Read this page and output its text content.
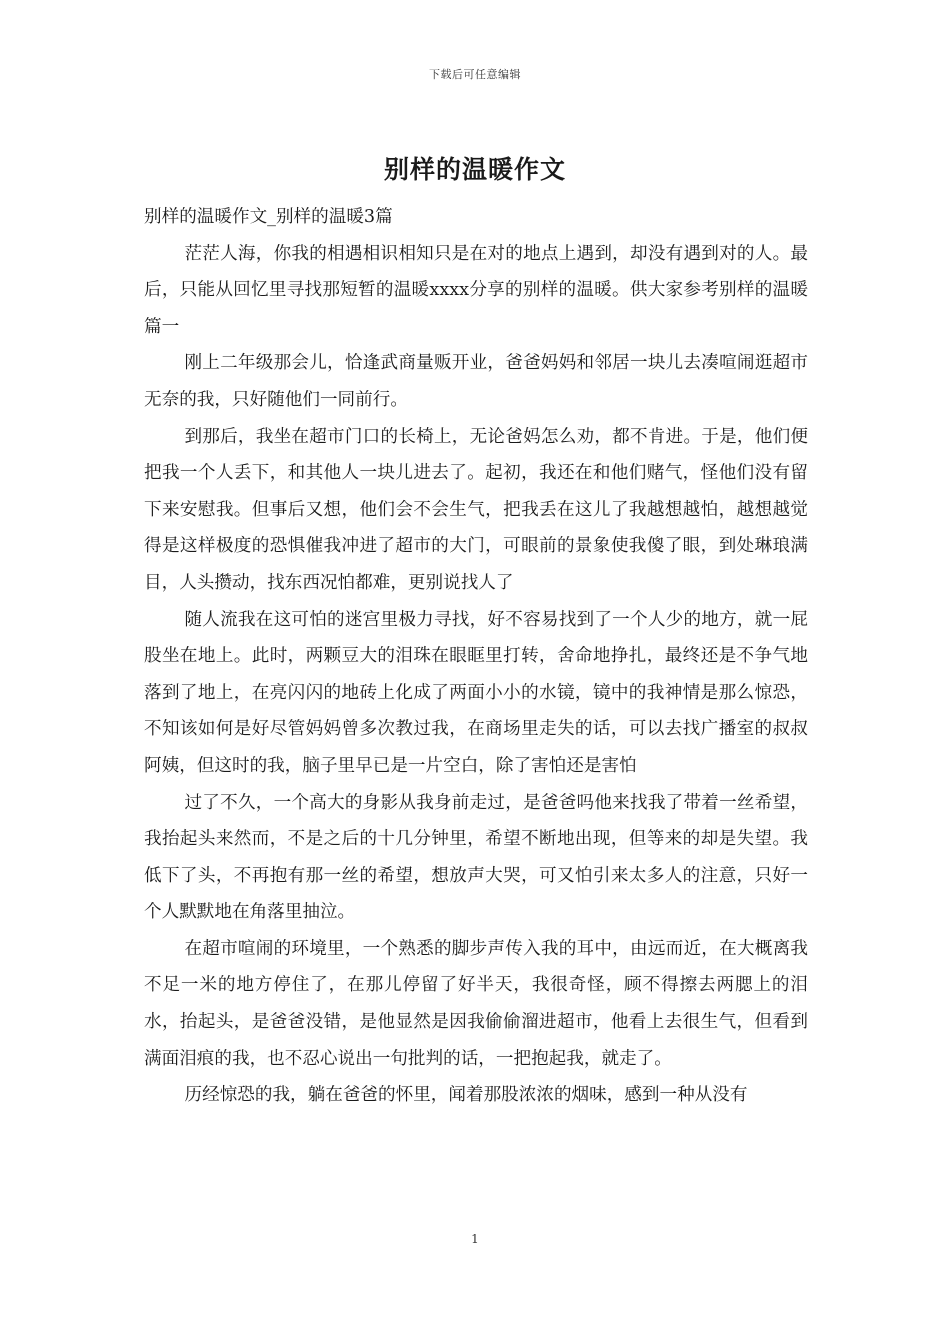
下载后可任意编辑
别样的温暖作文

别样的温暖作文_别样的温暖3篇

茫茫人海，你我的相遇相识相知只是在对的地点上遇到，却没有遇到对的人。最后，只能从回忆里寻找那短暂的温暖xxxx分享的别样的温暖。供大家参考别样的温暖篇一

刚上二年级那会儿，恰逢武商量贩开业，爸爸妈妈和邻居一块儿去凑喧闹逛超市无奈的我，只好随他们一同前行。

到那后，我坐在超市门口的长椅上，无论爸妈怎么劝，都不肯进。于是，他们便把我一个人丢下，和其他人一块儿进去了。起初，我还在和他们赌气，怪他们没有留下来安慰我。但事后又想，他们会不会生气，把我丢在这儿了我越想越怕，越想越觉得是这样极度的恐惧催我冲进了超市的大门，可眼前的景象使我傻了眼，到处琳琅满目，人头攒动，找东西况怕都难，更别说找人了

随人流我在这可怕的迷宫里极力寻找，好不容易找到了一个人少的地方，就一屁股坐在地上。此时，两颗豆大的泪珠在眼眶里打转，舍命地挣扎，最终还是不争气地落到了地上，在亮闪闪的地砖上化成了两面小小的水镜，镜中的我神情是那么惊恐，不知该如何是好尽管妈妈曾多次教过我，在商场里走失的话，可以去找广播室的叔叔阿姨，但这时的我，脑子里早已是一片空白，除了害怕还是害怕

过了不久，一个高大的身影从我身前走过，是爸爸吗他来找我了带着一丝希望，我抬起头来然而，不是之后的十几分钟里，希望不断地出现，但等来的却是失望。我低下了头，不再抱有那一丝的希望，想放声大哭，可又怕引来太多人的注意，只好一个人默默地在角落里抽泣。

在超市喧闹的环境里，一个熟悉的脚步声传入我的耳中，由远而近，在大概离我不足一米的地方停住了，在那儿停留了好半天，我很奇怪，顾不得擦去两腮上的泪水，抬起头，是爸爸没错，是他显然是因我偷偷溜进超市，他看上去很生气，但看到满面泪痕的我，也不忍心说出一句批判的话，一把抱起我，就走了。

历经惊恐的我，躺在爸爸的怀里，闻着那股浓浓的烟味，感到一种从没有

1
